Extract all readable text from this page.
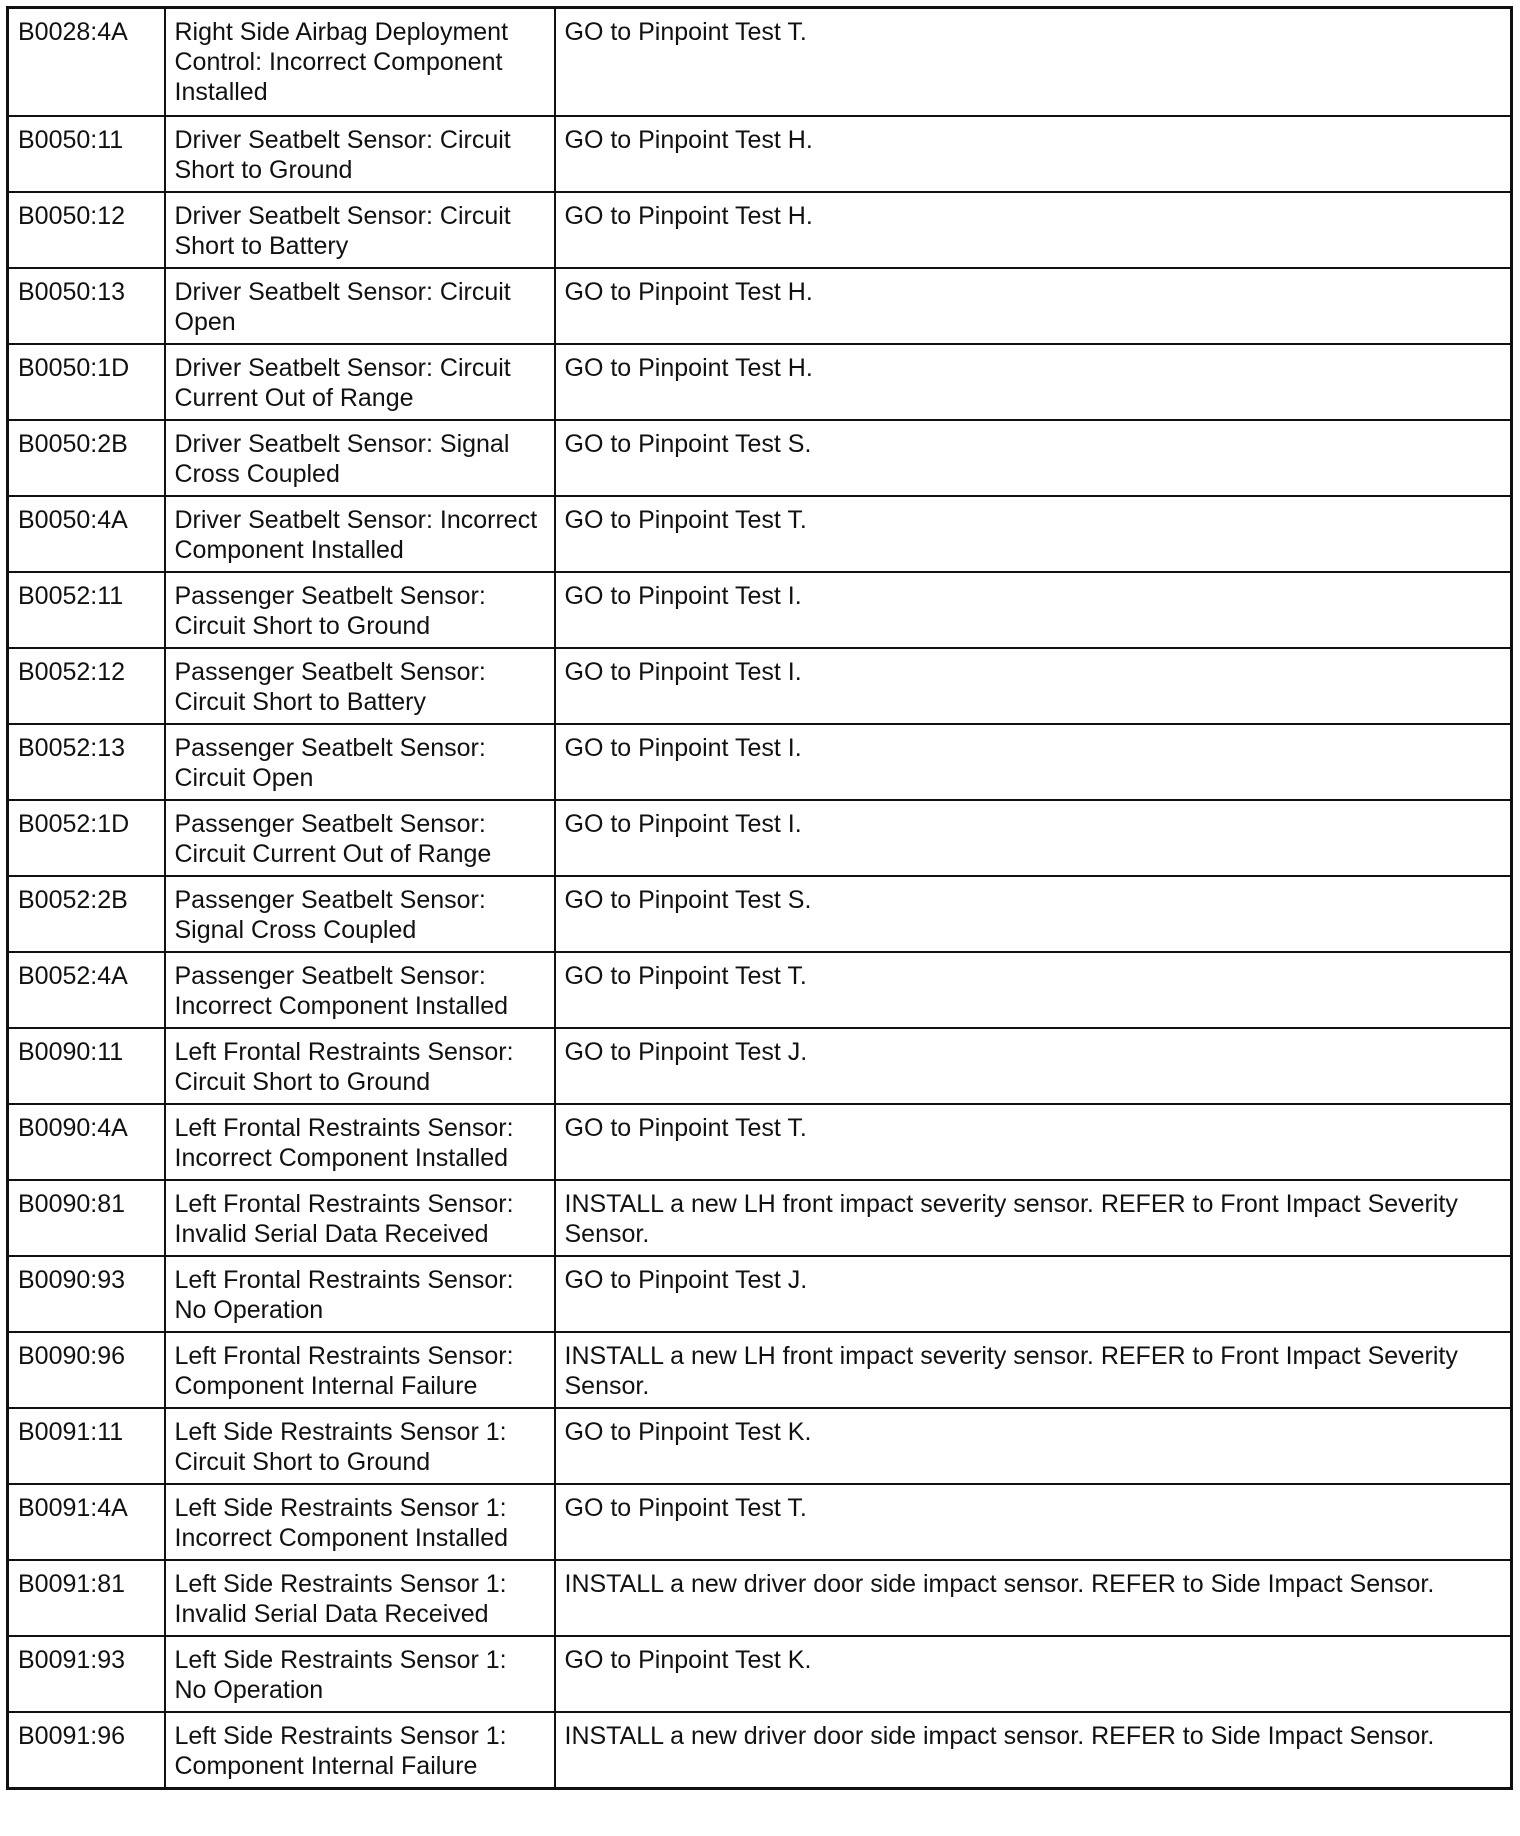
B0028:4A	Right Side Airbag Deployment Control: Incorrect Component Installed	GO to Pinpoint Test T.
B0050:11	Driver Seatbelt Sensor: Circuit Short to Ground	GO to Pinpoint Test H.
B0050:12	Driver Seatbelt Sensor: Circuit Short to Battery	GO to Pinpoint Test H.
B0050:13	Driver Seatbelt Sensor: Circuit Open	GO to Pinpoint Test H.
B0050:1D	Driver Seatbelt Sensor: Circuit Current Out of Range	GO to Pinpoint Test H.
B0050:2B	Driver Seatbelt Sensor: Signal Cross Coupled	GO to Pinpoint Test S.
B0050:4A	Driver Seatbelt Sensor: Incorrect Component Installed	GO to Pinpoint Test T.
B0052:11	Passenger Seatbelt Sensor: Circuit Short to Ground	GO to Pinpoint Test I.
B0052:12	Passenger Seatbelt Sensor: Circuit Short to Battery	GO to Pinpoint Test I.
B0052:13	Passenger Seatbelt Sensor: Circuit Open	GO to Pinpoint Test I.
B0052:1D	Passenger Seatbelt Sensor: Circuit Current Out of Range	GO to Pinpoint Test I.
B0052:2B	Passenger Seatbelt Sensor: Signal Cross Coupled	GO to Pinpoint Test S.
B0052:4A	Passenger Seatbelt Sensor: Incorrect Component Installed	GO to Pinpoint Test T.
B0090:11	Left Frontal Restraints Sensor: Circuit Short to Ground	GO to Pinpoint Test J.
B0090:4A	Left Frontal Restraints Sensor: Incorrect Component Installed	GO to Pinpoint Test T.
B0090:81	Left Frontal Restraints Sensor: Invalid Serial Data Received	INSTALL a new LH front impact severity sensor. REFER to Front Impact Severity Sensor.
B0090:93	Left Frontal Restraints Sensor: No Operation	GO to Pinpoint Test J.
B0090:96	Left Frontal Restraints Sensor: Component Internal Failure	INSTALL a new LH front impact severity sensor. REFER to Front Impact Severity Sensor.
B0091:11	Left Side Restraints Sensor 1: Circuit Short to Ground	GO to Pinpoint Test K.
B0091:4A	Left Side Restraints Sensor 1: Incorrect Component Installed	GO to Pinpoint Test T.
B0091:81	Left Side Restraints Sensor 1: Invalid Serial Data Received	INSTALL a new driver door side impact sensor. REFER to Side Impact Sensor.
B0091:93	Left Side Restraints Sensor 1: No Operation	GO to Pinpoint Test K.
B0091:96	Left Side Restraints Sensor 1: Component Internal Failure	INSTALL a new driver door side impact sensor. REFER to Side Impact Sensor.
